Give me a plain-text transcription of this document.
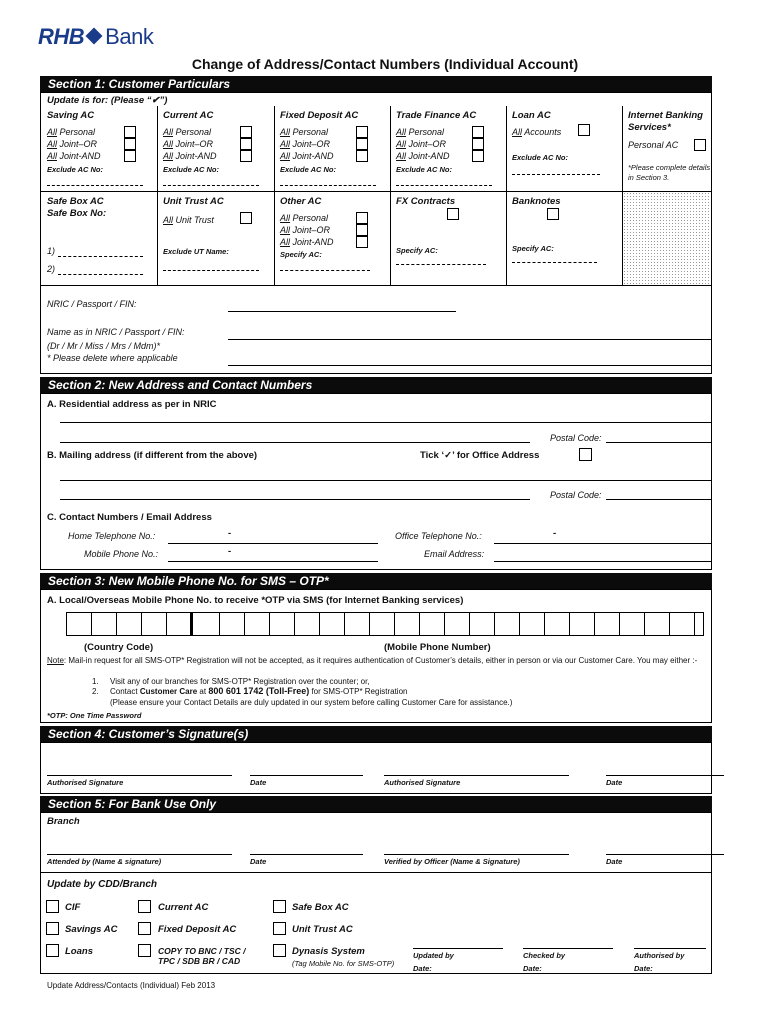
RHB Bank
Change of Address/Contact Numbers (Individual Account)
Section 1: Customer Particulars
Update is for: (Please “✔”)
Saving AC
All Personal
All Joint–OR
All Joint-AND
Exclude AC No:
Current AC
All Personal
All Joint–OR
All Joint-AND
Exclude AC No:
Fixed Deposit AC
All Personal
All Joint–OR
All Joint-AND
Exclude AC No:
Trade Finance AC
All Personal
All Joint–OR
All Joint-AND
Exclude AC No:
Loan AC
All Accounts
Exclude AC No:
Internet Banking Services*
Personal AC
*Please complete details in Section 3.
Safe Box AC
Safe Box No:
1)
2)
Unit Trust AC
All Unit Trust
Exclude UT Name:
Other AC
All Personal
All Joint–OR
All Joint-AND
Specify AC:
FX Contracts
Specify AC:
Banknotes
Specify AC:
NRIC / Passport / FIN:
Name as in NRIC / Passport / FIN:
(Dr / Mr / Miss / Mrs / Mdm)*
* Please delete where applicable
Section 2: New Address and Contact Numbers
A. Residential address as per in NRIC
Postal Code:
B. Mailing address (if different from the above)	Tick ‘✓’ for Office Address
Postal Code:
C. Contact Numbers / Email Address
Home Telephone No.:	-	Office Telephone No.:	-
Mobile Phone No.:	-	Email Address:
Section 3: New Mobile Phone No. for SMS – OTP*
A. Local/Overseas Mobile Phone No. to receive *OTP via SMS (for Internet Banking services)
(Country Code)	(Mobile Phone Number)
Note: Mail-in request for all SMS-OTP* Registration will not be accepted, as it requires authentication of Customer’s details, either in person or via our Customer Care. You may either :-
1. Visit any of our branches for SMS-OTP* Registration over the counter; or,
2. Contact Customer Care at 800 601 1742 (Toll-Free) for SMS-OTP* Registration
(Please ensure your Contact Details are duly updated in our system before calling Customer Care for assistance.)
*OTP: One Time Password
Section 4: Customer’s Signature(s)
Authorised Signature	Date	Authorised Signature	Date
Section 5: For Bank Use Only
Branch
Attended by (Name & signature)	Date	Verified by Officer (Name & Signature)	Date
Update by CDD/Branch
CIF	Current AC	Safe Box AC
Savings AC	Fixed Deposit AC	Unit Trust AC
Loans	COPY TO BNC / TSC / TPC / SDB BR / CAD
Dynasis System
(Tag Mobile No. for SMS-OTP)
Updated by
Date:
Checked by
Date:
Authorised by
Date:
Update Address/Contacts (Individual) Feb 2013
